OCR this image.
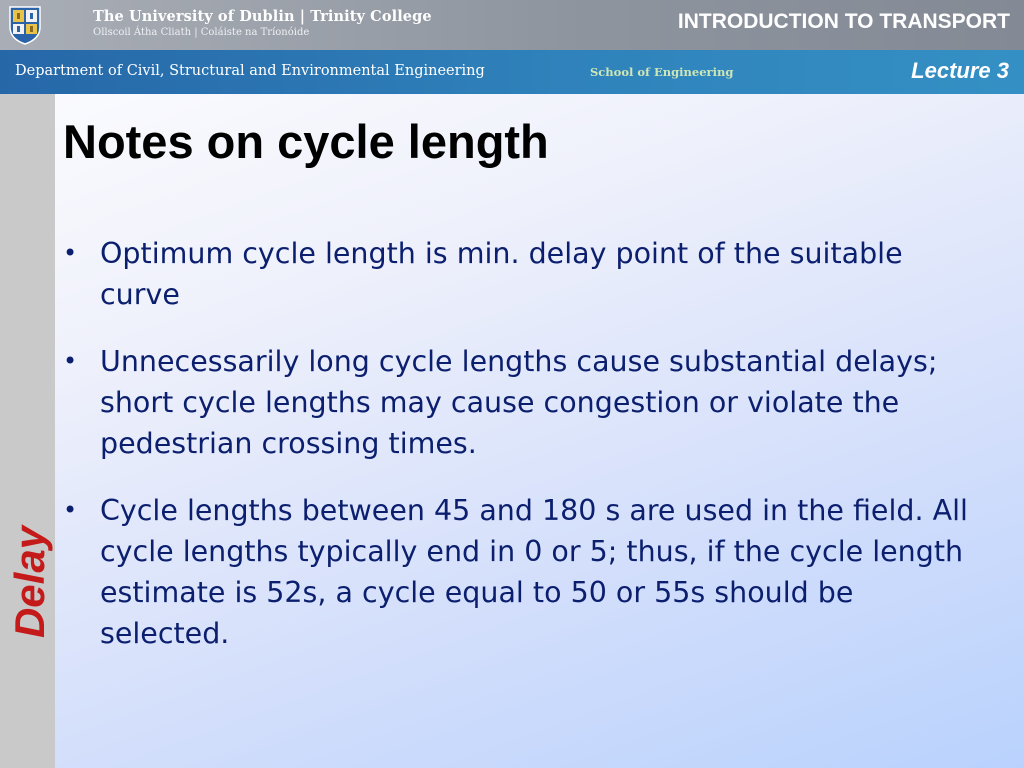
The University of Dublin | Trinity College
Ollscoil Átha Cliath | Coláiste na Tríonóide	INTRODUCTION TO TRANSPORT
Department of Civil, Structural and Environmental Engineering	School of Engineering	Lecture 3
Delay
Notes on cycle length
• Optimum cycle length is min. delay point of the suitable curve
• Unnecessarily long cycle lengths cause substantial delays; short cycle lengths may cause congestion or violate the pedestrian crossing times.
• Cycle lengths between 45 and 180 s are used in the field. All cycle lengths typically end in 0 or 5; thus, if the cycle length estimate is 52s, a cycle equal to 50 or 55s should be selected.
